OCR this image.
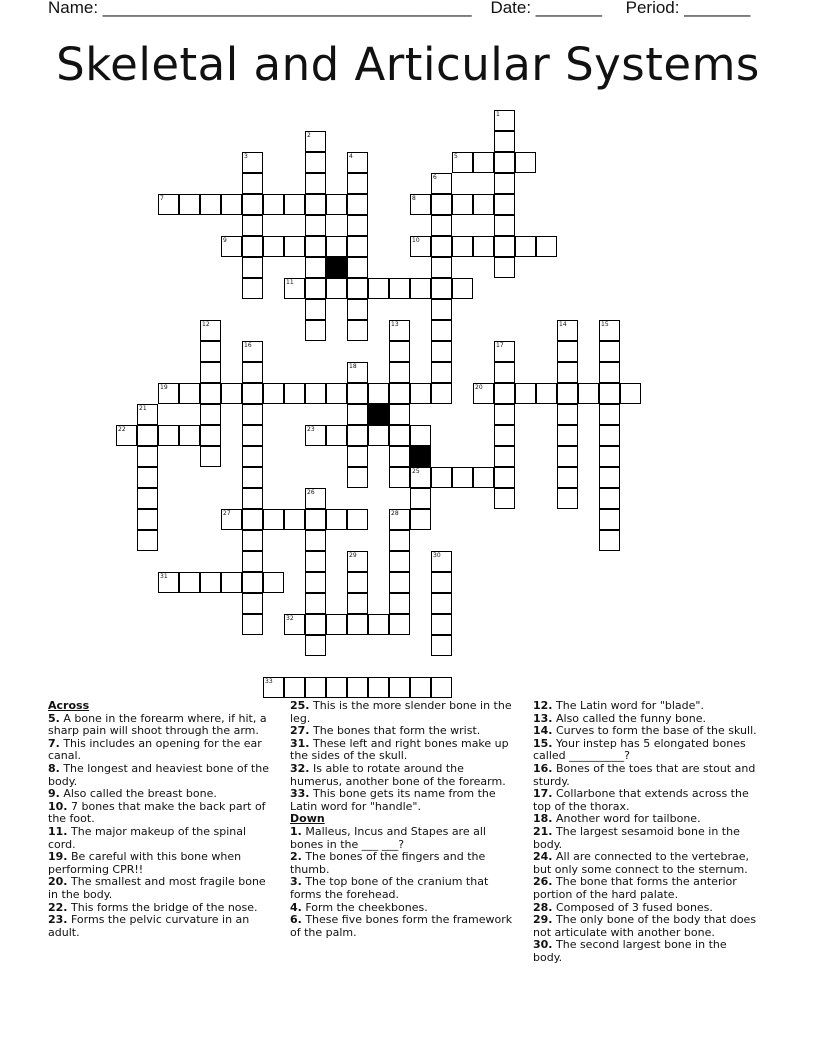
Name: _______________________________________ Date: _______ Period: _______
Skeletal and Articular Systems
5
7	8
9	10
11
19	20
22	23
25
27
31
32
33
1
2
3	4
6
12	13	14	15
16	17
18
21
26
28
29	30

Across

5. A bone in the forearm where, if hit, a sharp pain will shoot through the arm.

7. This includes an opening for the ear canal.

8. The longest and heaviest bone of the body.

9. Also called the breast bone.

10. 7 bones that make the back part of the foot.

11. The major makeup of the spinal cord.

19. Be careful with this bone when performing CPR!!

20. The smallest and most fragile bone in the body.

22. This forms the bridge of the nose.

23. Forms the pelvic curvature in an adult.

25. This is the more slender bone in the leg.

27. The bones that form the wrist.

31. These left and right bones make up the sides of the skull.

32. Is able to rotate around the humerus, another bone of the forearm.

33. This bone gets its name from the Latin word for "handle".

Down

1. Malleus, Incus and Stapes are all bones in the ___ ___?

2. The bones of the fingers and the thumb.

3. The top bone of the cranium that forms the forehead.

4. Form the cheekbones.

6. These five bones form the framework of the palm.

12. The Latin word for "blade".

13. Also called the funny bone.

14. Curves to form the base of the skull.

15. Your instep has 5 elongated bones called __________?

16. Bones of the toes that are stout and sturdy.

17. Collarbone that extends across the top of the thorax.

18. Another word for tailbone.

21. The largest sesamoid bone in the body.

24. All are connected to the vertebrae, but only some connect to the sternum.

26. The bone that forms the anterior portion of the hard palate.

28. Composed of 3 fused bones.

29. The only bone of the body that does not articulate with another bone.

30. The second largest bone in the body.
